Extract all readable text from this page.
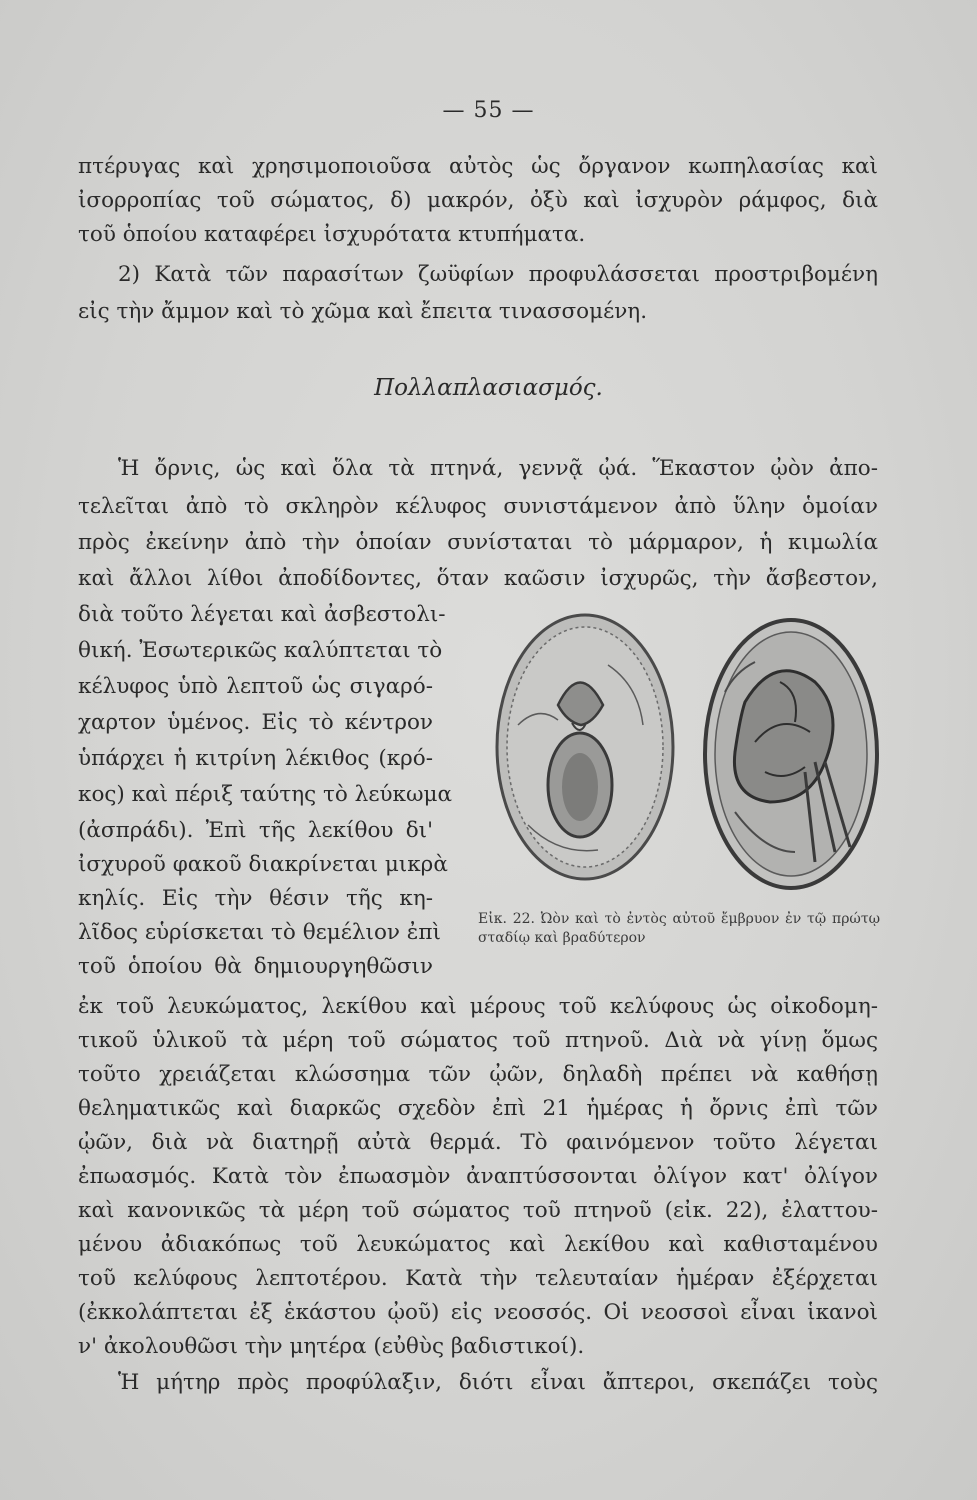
— 55 —
πτέρυγας καὶ χρησιμοποιοῦσα αὐτὸς ὡς ὄργανον κωπηλασίας καὶ
ἰσορροπίας τοῦ σώματος, δ) μακρόν, ὀξὺ καὶ ἰσχυρὸν ράμφος, διὰ
τοῦ ὁποίου καταφέρει ἰσχυρότατα κτυπήματα.
2) Κατὰ τῶν παρασίτων ζωϋφίων προφυλάσσεται προστριβομένη
εἰς τὴν ἄμμον καὶ τὸ χῶμα καὶ ἔπειτα τινασσομένη.
Πολλαπλασιασμός.
Ἡ ὄρνις, ὡς καὶ ὅλα τὰ πτηνά, γεννᾷ ᾠά. Ἕκαστον ᾠὸν ἀπο-
τελεῖται ἀπὸ τὸ σκληρὸν κέλυφος συνιστάμενον ἀπὸ ὕλην ὁμοίαν
πρὸς ἐκείνην ἀπὸ τὴν ὁποίαν συνίσταται τὸ μάρμαρον, ἡ κιμωλία
καὶ ἄλλοι λίθοι ἀποδίδοντες, ὅταν καῶσιν ἰσχυρῶς, τὴν ἄσβεστον,
διὰ τοῦτο λέγεται καὶ ἀσβεστολι-
θική. Ἐσωτερικῶς καλύπτεται τὸ
κέλυφος ὑπὸ λεπτοῦ ὡς σιγαρό-
χαρτον ὑμένος. Εἰς τὸ κέντρον
ὑπάρχει ἡ κιτρίνη λέκιθος (κρό-
κος) καὶ πέριξ ταύτης τὸ λεύκωμα
(ἀσπράδι). Ἐπὶ τῆς λεκίθου δι'
ἰσχυροῦ φακοῦ διακρίνεται μικρὰ
κηλίς. Εἰς τὴν θέσιν τῆς κη-
λῖδος εὑρίσκεται τὸ θεμέλιον ἐπὶ
τοῦ ὁποίου θὰ δημιουργηθῶσιν
Εἰκ. 22. Ὠὸν καὶ τὸ ἐντὸς αὐτοῦ ἔμβρυον ἐν τῷ πρώτῳ σταδίῳ καὶ βραδύτερον
ἐκ τοῦ λευκώματος, λεκίθου καὶ μέρους τοῦ κελύφους ὡς οἰκοδομη-
τικοῦ ὑλικοῦ τὰ μέρη τοῦ σώματος τοῦ πτηνοῦ. Διὰ νὰ γίνῃ ὅμως
τοῦτο χρειάζεται κλώσσημα τῶν ᾠῶν, δηλαδὴ πρέπει νὰ καθήσῃ
θεληματικῶς καὶ διαρκῶς σχεδὸν ἐπὶ 21 ἡμέρας ἡ ὄρνις ἐπὶ τῶν
ᾠῶν, διὰ νὰ διατηρῇ αὐτὰ θερμά. Τὸ φαινόμενον τοῦτο λέγεται
ἐπωασμός. Κατὰ τὸν ἐπωασμὸν ἀναπτύσσονται ὀλίγον κατ' ὀλίγον
καὶ κανονικῶς τὰ μέρη τοῦ σώματος τοῦ πτηνοῦ (εἰκ. 22), ἐλαττου-
μένου ἀδιακόπως τοῦ λευκώματος καὶ λεκίθου καὶ καθισταμένου
τοῦ κελύφους λεπτοτέρου. Κατὰ τὴν τελευταίαν ἡμέραν ἐξέρχεται
(ἐκκολάπτεται ἐξ ἑκάστου ᾠοῦ) εἰς νεοσσός. Οἱ νεοσσοὶ εἶναι ἱκανοὶ
ν' ἀκολουθῶσι τὴν μητέρα (εὐθὺς βαδιστικοί).
Ἡ μήτηρ πρὸς προφύλαξιν, διότι εἶναι ἄπτεροι, σκεπάζει τοὺς
